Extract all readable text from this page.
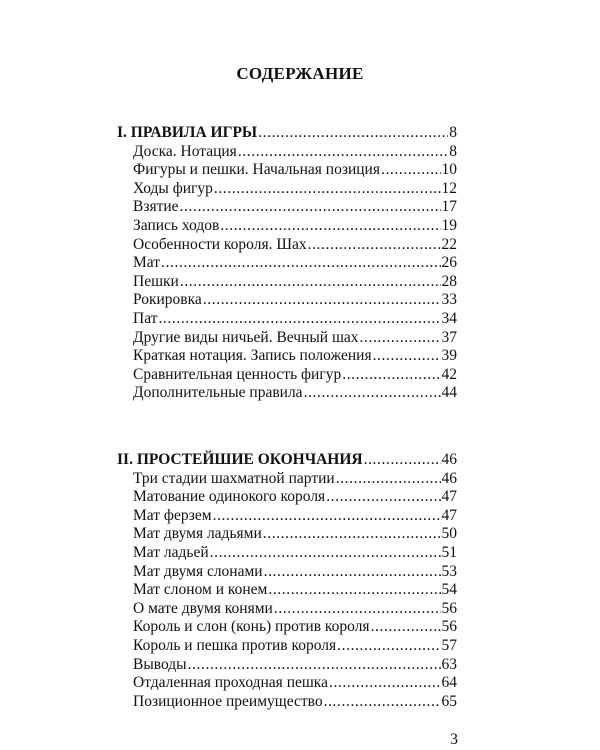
СОДЕРЖАНИЕ
I. ПРАВИЛА ИГРЫ .....	8
Доска. Нотация .....	8
Фигуры и пешки. Начальная позиция .....	10
Ходы фигур .....	12
Взятие .....	17
Запись ходов .....	19
Особенности короля. Шах .....	22
Мат .....	26
Пешки .....	28
Рокировка .....	33
Пат .....	34
Другие виды ничьей. Вечный шах .....	37
Краткая нотация. Запись положения .....	39
Сравнительная ценность фигур .....	42
Дополнительные правила .....	44
II. ПРОСТЕЙШИЕ ОКОНЧАНИЯ .....	46
Три стадии шахматной партии .....	46
Матование одинокого короля .....	47
Мат ферзем .....	47
Мат двумя ладьями .....	50
Мат ладьей .....	51
Мат двумя слонами .....	53
Мат слоном и конем .....	54
О мате двумя конями .....	56
Король и слон (конь) против короля .....	56
Король и пешка против короля .....	57
Выводы .....	63
Отдаленная проходная пешка .....	64
Позиционное преимущество .....	65
3
